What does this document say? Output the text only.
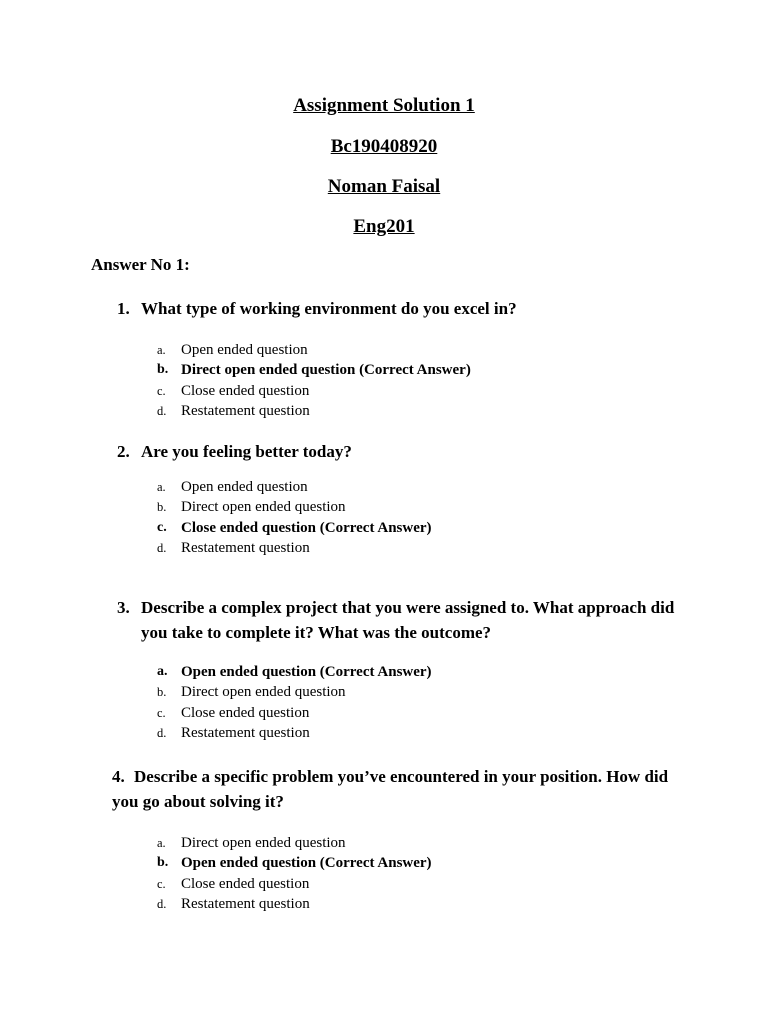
Assignment Solution 1
Bc190408920
Noman Faisal
Eng201
Answer No 1:
1. What type of working environment do you excel in?
a. Open ended question
b. Direct open ended question (Correct Answer)
c. Close ended question
d. Restatement question
2. Are you feeling better today?
a. Open ended question
b. Direct open ended question
c. Close ended question (Correct Answer)
d. Restatement question
3. Describe a complex project that you were assigned to. What approach did you take to complete it? What was the outcome?
a. Open ended question (Correct Answer)
b. Direct open ended question
c. Close ended question
d. Restatement question
4. Describe a specific problem you’ve encountered in your position. How did you go about solving it?
a. Direct open ended question
b. Open ended question (Correct Answer)
c. Close ended question
d. Restatement question
